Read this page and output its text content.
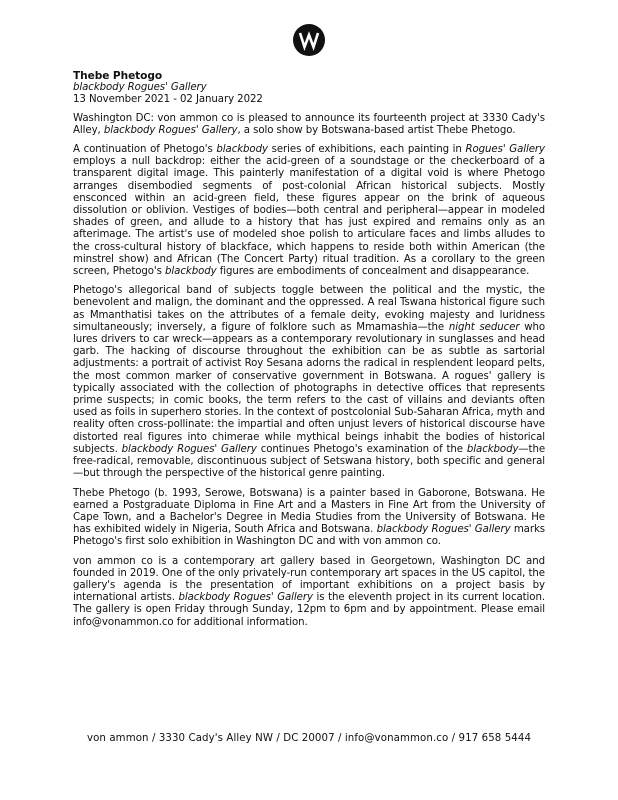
Thebe Phetogo
blackbody Rogues' Gallery
13 November 2021 - 02 January 2022

Washington DC: von ammon co is pleased to announce its fourteenth project at 3330 Cady's Alley, blackbody Rogues' Gallery, a solo show by Botswana-based artist Thebe Phetogo.

A continuation of Phetogo's blackbody series of exhibitions, each painting in Rogues' Gallery employs a null backdrop: either the acid-green of a soundstage or the checkerboard of a transparent digital image. This painterly manifestation of a digital void is where Phetogo arranges disembodied segments of post-colonial African historical subjects. Mostly ensconced within an acid-green field, these figures appear on the brink of aqueous dissolution or oblivion. Vestiges of bodies—both central and peripheral—appear in modeled shades of green, and allude to a history that has just expired and remains only as an afterimage. The artist's use of modeled shoe polish to articulare faces and limbs alludes to the cross-cultural history of blackface, which happens to reside both within American (the minstrel show) and African (The Concert Party) ritual tradition. As a corollary to the green screen, Phetogo's blackbody figures are embodiments of concealment and disappearance.

Phetogo's allegorical band of subjects toggle between the political and the mystic, the benevolent and malign, the dominant and the oppressed. A real Tswana historical figure such as Mmanthatisi takes on the attributes of a female deity, evoking majesty and luridness simultaneously; inversely, a figure of folklore such as Mmamashia—the night seducer who lures drivers to car wreck—appears as a contemporary revolutionary in sunglasses and head garb. The hacking of discourse throughout the exhibition can be as subtle as sartorial adjustments: a portrait of activist Roy Sesana adorns the radical in resplendent leopard pelts, the most common marker of conservative government in Botswana. A rogues' gallery is typically associated with the collection of photographs in detective offices that represents prime suspects; in comic books, the term refers to the cast of villains and deviants often used as foils in superhero stories. In the context of postcolonial Sub-Saharan Africa, myth and reality often cross-pollinate: the impartial and often unjust levers of historical discourse have distorted real figures into chimerae while mythical beings inhabit the bodies of historical subjects. blackbody Rogues' Gallery continues Phetogo's examination of the blackbody—the free-radical, removable, discontinuous subject of Setswana history, both specific and general—but through the perspective of the historical genre painting.

Thebe Phetogo (b. 1993, Serowe, Botswana) is a painter based in Gaborone, Botswana. He earned a Postgraduate Diploma in Fine Art and a Masters in Fine Art from the University of Cape Town, and a Bachelor's Degree in Media Studies from the University of Botswana. He has exhibited widely in Nigeria, South Africa and Botswana. blackbody Rogues' Gallery marks Phetogo's first solo exhibition in Washington DC and with von ammon co.

von ammon co is a contemporary art gallery based in Georgetown, Washington DC and founded in 2019. One of the only privately-run contemporary art spaces in the US capitol, the gallery's agenda is the presentation of important exhibitions on a project basis by international artists. blackbody Rogues' Gallery is the eleventh project in its current location. The gallery is open Friday through Sunday, 12pm to 6pm and by appointment. Please email info@vonammon.co for additional information.

von ammon / 3330 Cady's Alley NW / DC 20007 / info@vonammon.co / 917 658 5444
